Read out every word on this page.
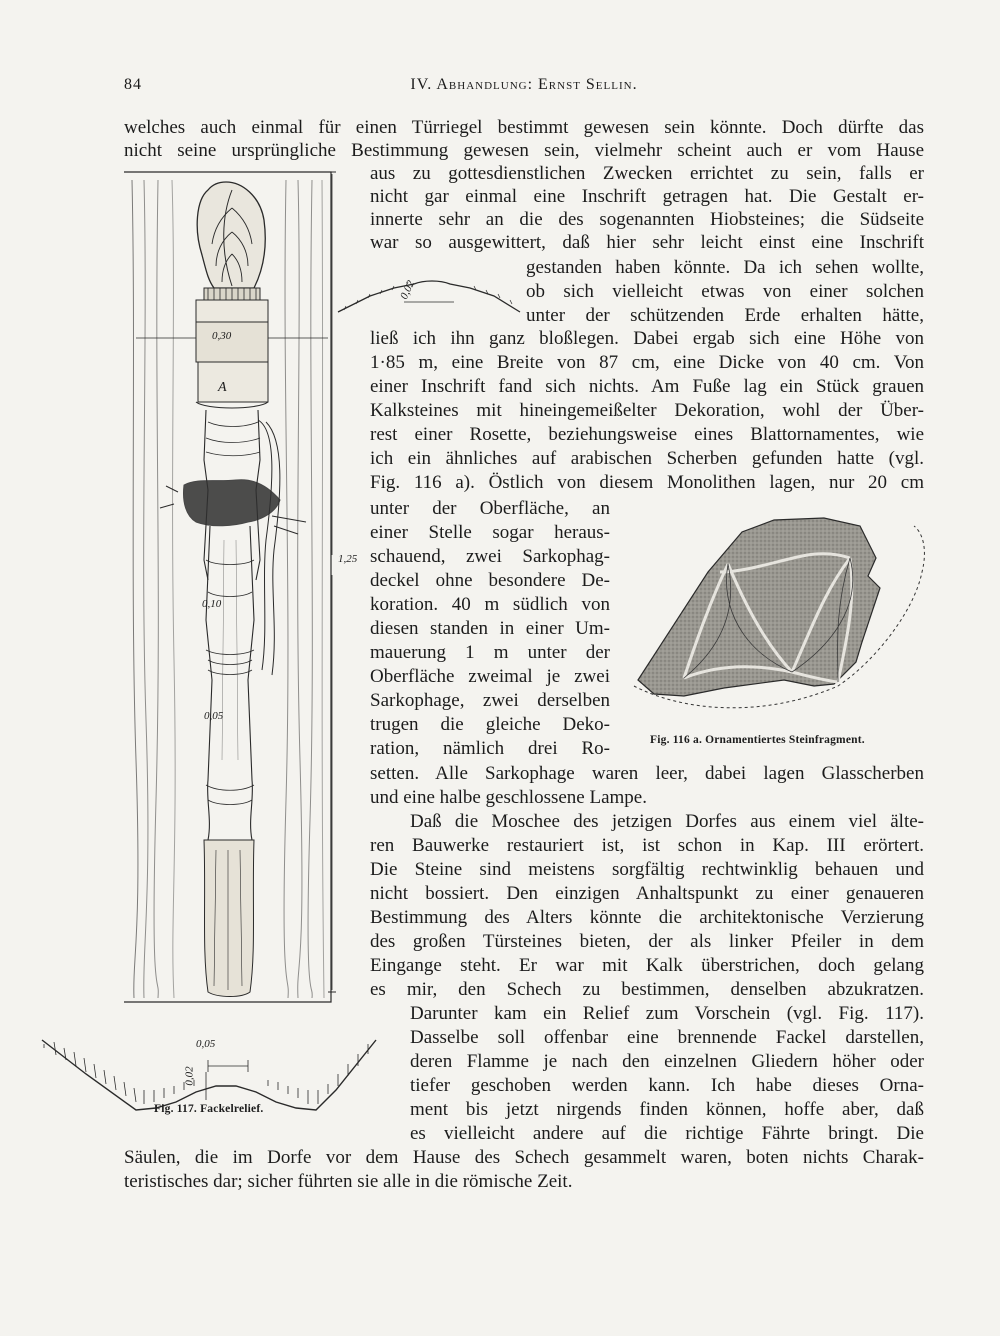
84	IV. Abhandlung: Ernst Sellin.
welches auch einmal für einen Türriegel bestimmt gewesen sein könnte. Doch dürfte das
nicht seine ursprüngliche Bestimmung gewesen sein, vielmehr scheint auch er vom Hause
aus zu gottesdienstlichen Zwecken errichtet zu sein, falls er
nicht gar einmal eine Inschrift getragen hat. Die Gestalt er-
innerte sehr an die des sogenannten Hiobsteines; die Südseite
war so ausgewittert, daß hier sehr leicht einst eine Inschrift
gestanden haben könnte. Da ich sehen wollte,
ob sich vielleicht etwas von einer solchen
unter der schützenden Erde erhalten hätte,
ließ ich ihn ganz bloßlegen. Dabei ergab sich eine Höhe von
1·85 m, eine Breite von 87 cm, eine Dicke von 40 cm. Von
einer Inschrift fand sich nichts. Am Fuße lag ein Stück grauen
Kalksteines mit hineingemeißelter Dekoration, wohl der Über-
rest einer Rosette, beziehungsweise eines Blattornamentes, wie
ich ein ähnliches auf arabischen Scherben gefunden hatte (vgl.
Fig. 116 a). Östlich von diesem Monolithen lagen, nur 20 cm
unter der Oberfläche, an
einer Stelle sogar heraus-
schauend, zwei Sarkophag-
deckel ohne besondere De-
koration. 40 m südlich von
diesen standen in einer Um-
mauerung 1 m unter der
Oberfläche zweimal je zwei
Sarkophage, zwei derselben
trugen die gleiche Deko-
ration, nämlich drei Ro-
setten. Alle Sarkophage waren leer, dabei lagen Glasscherben
und eine halbe geschlossene Lampe.
Daß die Moschee des jetzigen Dorfes aus einem viel älte-
ren Bauwerke restauriert ist, ist schon in Kap. III erörtert.
Die Steine sind meistens sorgfältig rechtwinklig behauen und
nicht bossiert. Den einzigen Anhaltspunkt zu einer genaueren
Bestimmung des Alters könnte die architektonische Verzierung
des großen Türsteines bieten, der als linker Pfeiler in dem
Eingange steht. Er war mit Kalk überstrichen, doch gelang
es mir, den Schech zu bestimmen, denselben abzukratzen.
Darunter kam ein Relief zum Vorschein (vgl. Fig. 117).
Dasselbe soll offenbar eine brennende Fackel darstellen,
deren Flamme je nach den einzelnen Gliedern höher oder
tiefer geschoben werden kann. Ich habe dieses Orna-
ment bis jetzt nirgends finden können, hoffe aber, daß
es vielleicht andere auf die richtige Fährte bringt. Die
Säulen, die im Dorfe vor dem Hause des Schech gesammelt waren, boten nichts Charak-
teristisches dar; sicher führten sie alle in die römische Zeit.
0,30
A
1,25
0,10
0,05
0,05
0,02
Fig. 117. Fackelrelief.
0,02
Fig. 116 a. Ornamentiertes Steinfragment.
